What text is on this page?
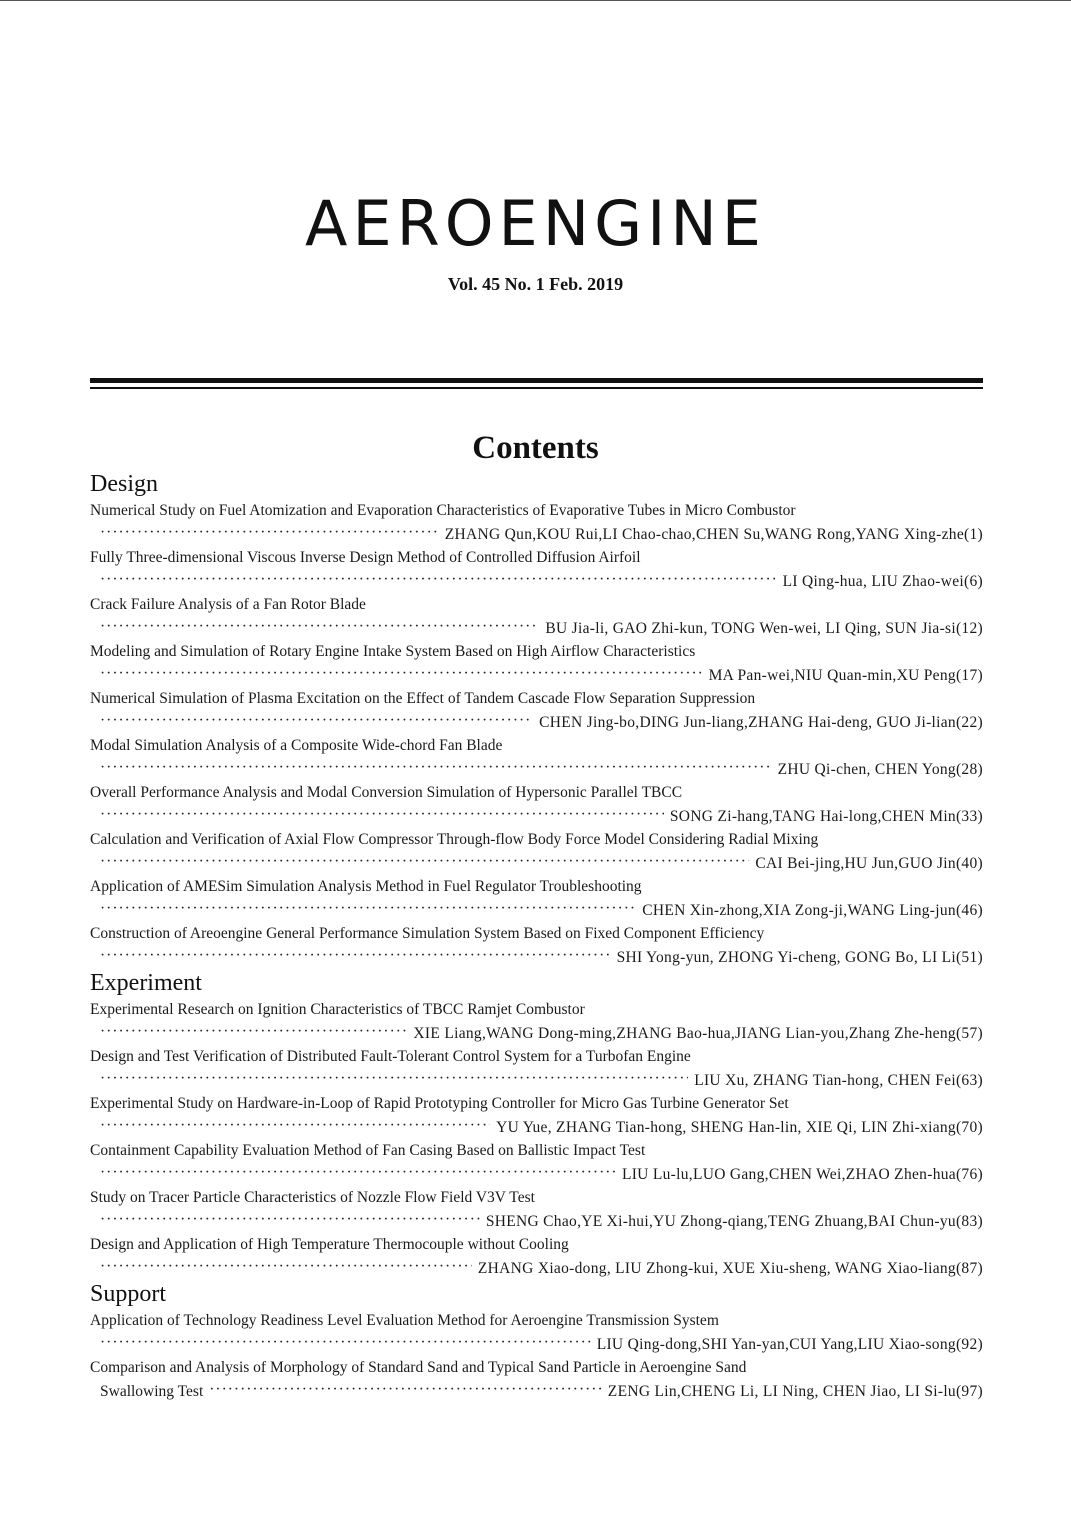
AEROENGINE
Vol. 45 No. 1 Feb. 2019
Contents
Design
Numerical Study on Fuel Atomization and Evaporation Characteristics of Evaporative Tubes in Micro Combustor
·····
ZHANG Qun,KOU Rui,LI Chao-chao,CHEN Su,WANG Rong,YANG Xing-zhe(1)
Fully Three-dimensional Viscous Inverse Design Method of Controlled Diffusion Airfoil
·····
LI Qing-hua, LIU Zhao-wei(6)
Crack Failure Analysis of a Fan Rotor Blade
·····
BU Jia-li, GAO Zhi-kun, TONG Wen-wei, LI Qing, SUN Jia-si(12)
Modeling and Simulation of Rotary Engine Intake System Based on High Airflow Characteristics
·····
MA Pan-wei,NIU Quan-min,XU Peng(17)
Numerical Simulation of Plasma Excitation on the Effect of Tandem Cascade Flow Separation Suppression
·····
CHEN Jing-bo,DING Jun-liang,ZHANG Hai-deng, GUO Ji-lian(22)
Modal Simulation Analysis of a Composite Wide-chord Fan Blade
·····
ZHU Qi-chen, CHEN Yong(28)
Overall Performance Analysis and Modal Conversion Simulation of Hypersonic Parallel TBCC
·····
SONG Zi-hang,TANG Hai-long,CHEN Min(33)
Calculation and Verification of Axial Flow Compressor Through-flow Body Force Model Considering Radial Mixing
·····
CAI Bei-jing,HU Jun,GUO Jin(40)
Application of AMESim Simulation Analysis Method in Fuel Regulator Troubleshooting
·····
CHEN Xin-zhong,XIA Zong-ji,WANG Ling-jun(46)
Construction of Areoengine General Performance Simulation System Based on Fixed Component Efficiency
·····
SHI Yong-yun, ZHONG Yi-cheng, GONG Bo, LI Li(51)
Experiment
Experimental Research on Ignition Characteristics of TBCC Ramjet Combustor
·····
XIE Liang,WANG Dong-ming,ZHANG Bao-hua,JIANG Lian-you,Zhang Zhe-heng(57)
Design and Test Verification of Distributed Fault-Tolerant Control System for a Turbofan Engine
·····
LIU Xu, ZHANG Tian-hong, CHEN Fei(63)
Experimental Study on Hardware-in-Loop of Rapid Prototyping Controller for Micro Gas Turbine Generator Set
·····
YU Yue, ZHANG Tian-hong, SHENG Han-lin, XIE Qi, LIN Zhi-xiang(70)
Containment Capability Evaluation Method of Fan Casing Based on Ballistic Impact Test
·····
LIU Lu-lu,LUO Gang,CHEN Wei,ZHAO Zhen-hua(76)
Study on Tracer Particle Characteristics of Nozzle Flow Field V3V Test
·····
SHENG Chao,YE Xi-hui,YU Zhong-qiang,TENG Zhuang,BAI Chun-yu(83)
Design and Application of High Temperature Thermocouple without Cooling
·····
ZHANG Xiao-dong, LIU Zhong-kui, XUE Xiu-sheng, WANG Xiao-liang(87)
Support
Application of Technology Readiness Level Evaluation Method for Aeroengine Transmission System
·····
LIU Qing-dong,SHI Yan-yan,CUI Yang,LIU Xiao-song(92)
Comparison and Analysis of Morphology of Standard Sand and Typical Sand Particle in Aeroengine Sand
Swallowing Test
·····	ZENG Lin,CHENG Li, LI Ning, CHEN Jiao, LI Si-lu(97)
